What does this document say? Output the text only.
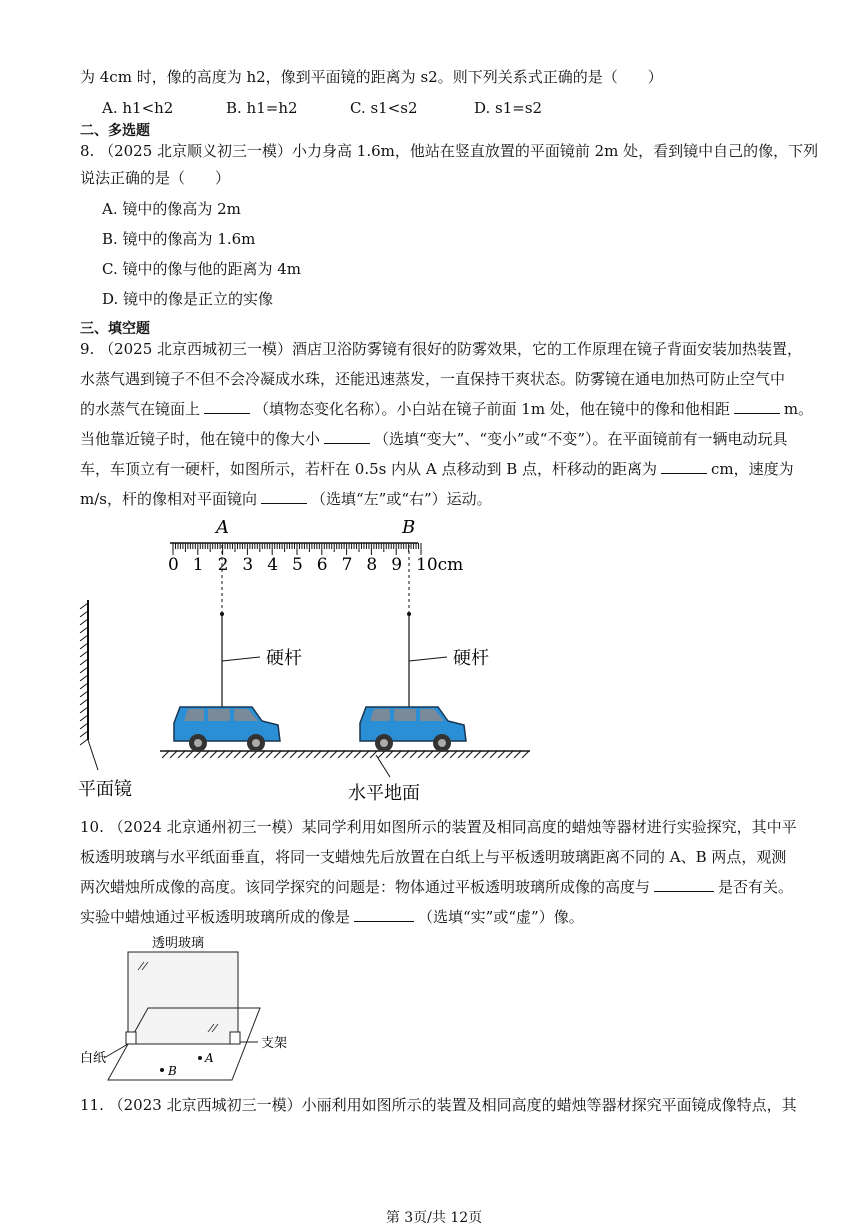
为 4cm 时，像的高度为 h2，像到平面镜的距离为 s2。则下列关系式正确的是（　　）
A. h1<h2	B. h1=h2	C. s1<s2	D. s1=s2
二、多选题
8. （2025 北京顺义初三一模）小力身高 1.6m，他站在竖直放置的平面镜前 2m 处，看到镜中自己的像，下列
说法正确的是（　　）
A. 镜中的像高为 2m
B. 镜中的像高为 1.6m
C. 镜中的像与他的距离为 4m
D. 镜中的像是正立的实像
三、填空题
9. （2025 北京西城初三一模）酒店卫浴防雾镜有很好的防雾效果，它的工作原理在镜子背面安装加热装置，
水蒸气遇到镜子不但不会冷凝成水珠，还能迅速蒸发，一直保持干爽状态。防雾镜在通电加热可防止空气中
的水蒸气在镜面上	（填物态变化名称）。小白站在镜子前面 1m 处，他在镜中的像和他相距	m。
当他靠近镜子时，他在镜中的像大小	（选填“变大”、“变小”或“不变”）。在平面镜前有一辆电动玩具
车，车顶立有一硬杆，如图所示，若杆在 0.5s 内从 A 点移动到 B 点，杆移动的距离为	cm，速度为
m/s，杆的像相对平面镜向	（选填“左”或“右”）运动。
A	B
0 1 2 3 4 5 6 7 8 9 10cm
硬杆	硬杆
平面镜	水平地面
10. （2024 北京通州初三一模）某同学利用如图所示的装置及相同高度的蜡烛等器材进行实验探究，其中平
板透明玻璃与水平纸面垂直，将同一支蜡烛先后放置在白纸上与平板透明玻璃距离不同的 A、B 两点，观测
两次蜡烛所成像的高度。该同学探究的问题是：物体通过平板透明玻璃所成像的高度与	是否有关。
实验中蜡烛通过平板透明玻璃所成的像是	（选填“实”或“虚”）像。
透明玻璃
白纸
支架
A
B
11. （2023 北京西城初三一模）小丽利用如图所示的装置及相同高度的蜡烛等器材探究平面镜成像特点，其
第 3页/共 12页
